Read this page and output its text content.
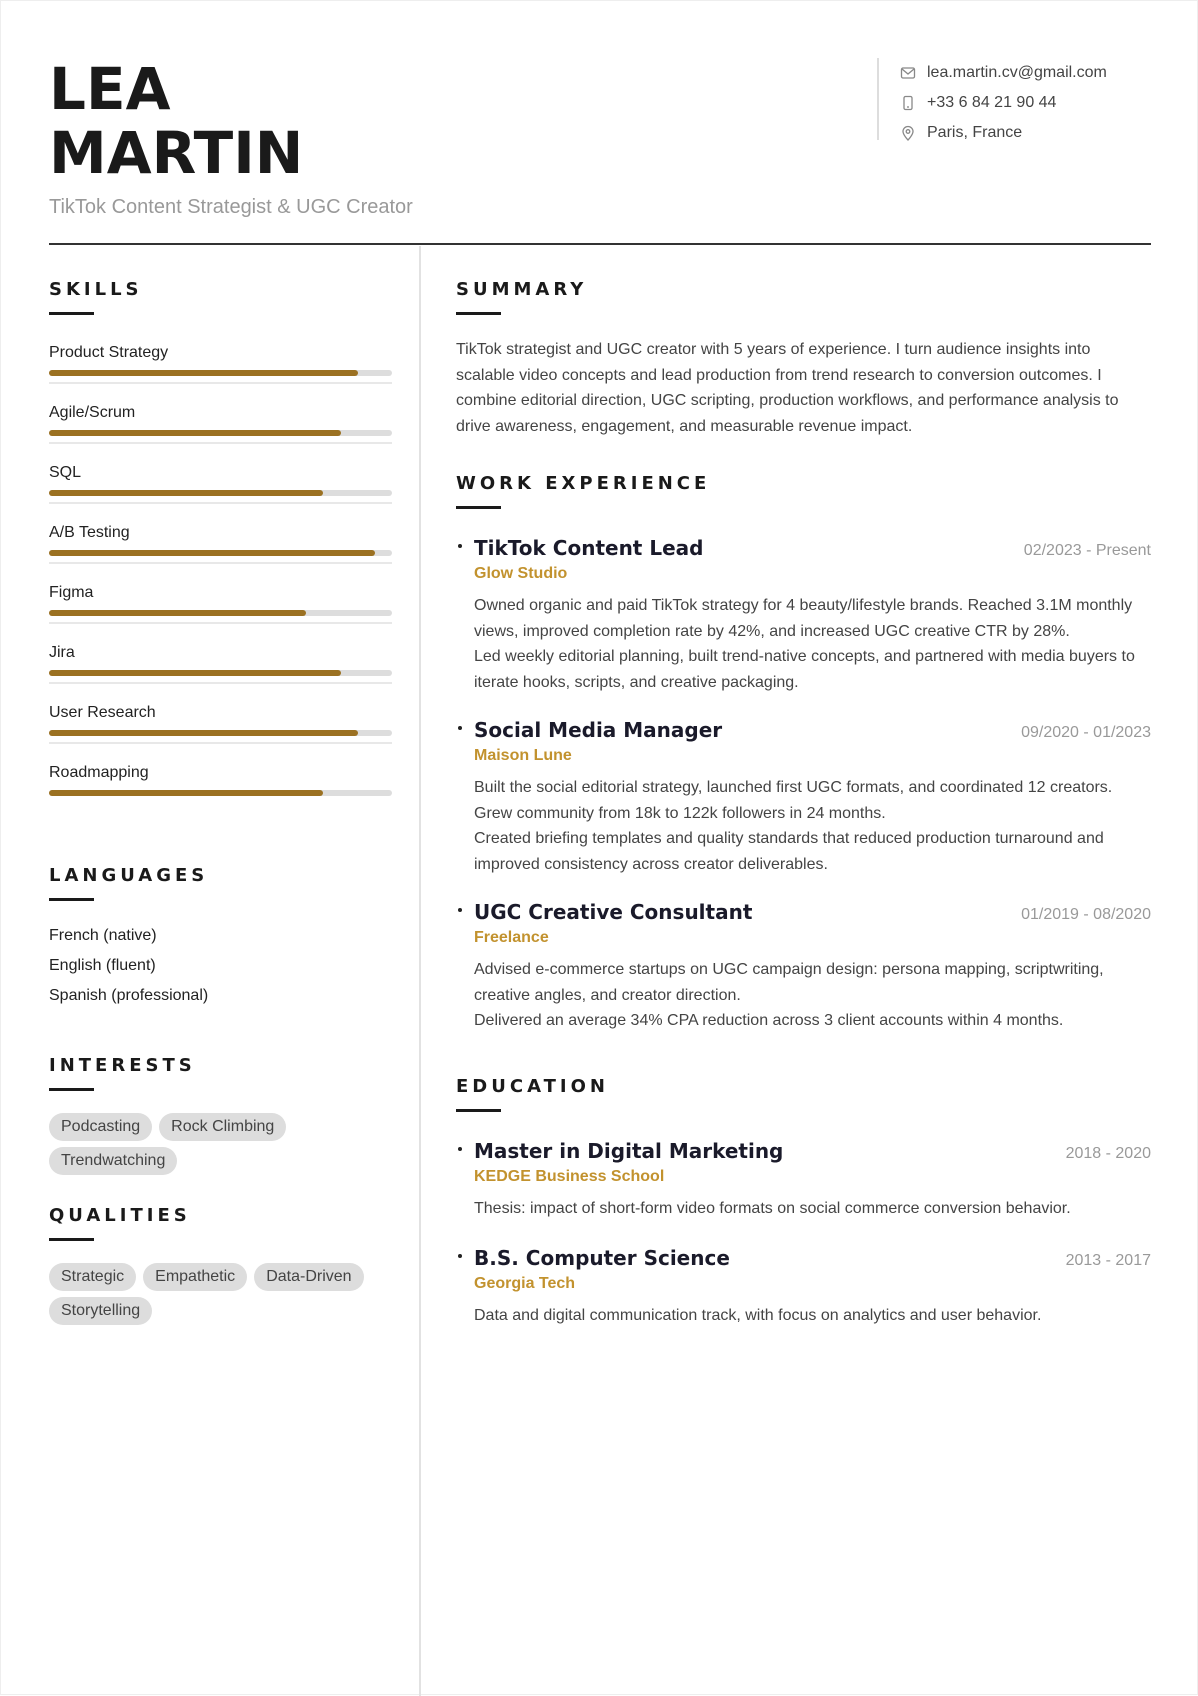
LEA
MARTIN
TikTok Content Strategist & UGC Creator
lea.martin.cv@gmail.com
+33 6 84 21 90 44
Paris, France
SKILLS
Product Strategy
Agile/Scrum
SQL
A/B Testing
Figma
Jira
User Research
Roadmapping
LANGUAGES
French (native)
English (fluent)
Spanish (professional)
INTERESTS
Podcasting	Rock Climbing
Trendwatching
QUALITIES
Strategic	Empathetic	Data-Driven
Storytelling
SUMMARY
TikTok strategist and UGC creator with 5 years of experience. I turn audience insights into scalable video concepts and lead production from trend research to conversion outcomes. I combine editorial direction, UGC scripting, production workflows, and performance analysis to drive awareness, engagement, and measurable revenue impact.
WORK EXPERIENCE
TikTok Content Lead	02/2023 - Present
Glow Studio

Owned organic and paid TikTok strategy for 4 beauty/lifestyle brands. Reached 3.1M monthly views, improved completion rate by 42%, and increased UGC creative CTR by 28%.

Led weekly editorial planning, built trend-native concepts, and partnered with media buyers to iterate hooks, scripts, and creative packaging.

Social Media Manager	09/2020 - 01/2023
Maison Lune

Built the social editorial strategy, launched first UGC formats, and coordinated 12 creators. Grew community from 18k to 122k followers in 24 months.

Created briefing templates and quality standards that reduced production turnaround and improved consistency across creator deliverables.

UGC Creative Consultant	01/2019 - 08/2020
Freelance

Advised e-commerce startups on UGC campaign design: persona mapping, scriptwriting, creative angles, and creator direction.

Delivered an average 34% CPA reduction across 3 client accounts within 4 months.

EDUCATION
Master in Digital Marketing	2018 - 2020
KEDGE Business School
Thesis: impact of short-form video formats on social commerce conversion behavior.
B.S. Computer Science	2013 - 2017
Georgia Tech
Data and digital communication track, with focus on analytics and user behavior.
